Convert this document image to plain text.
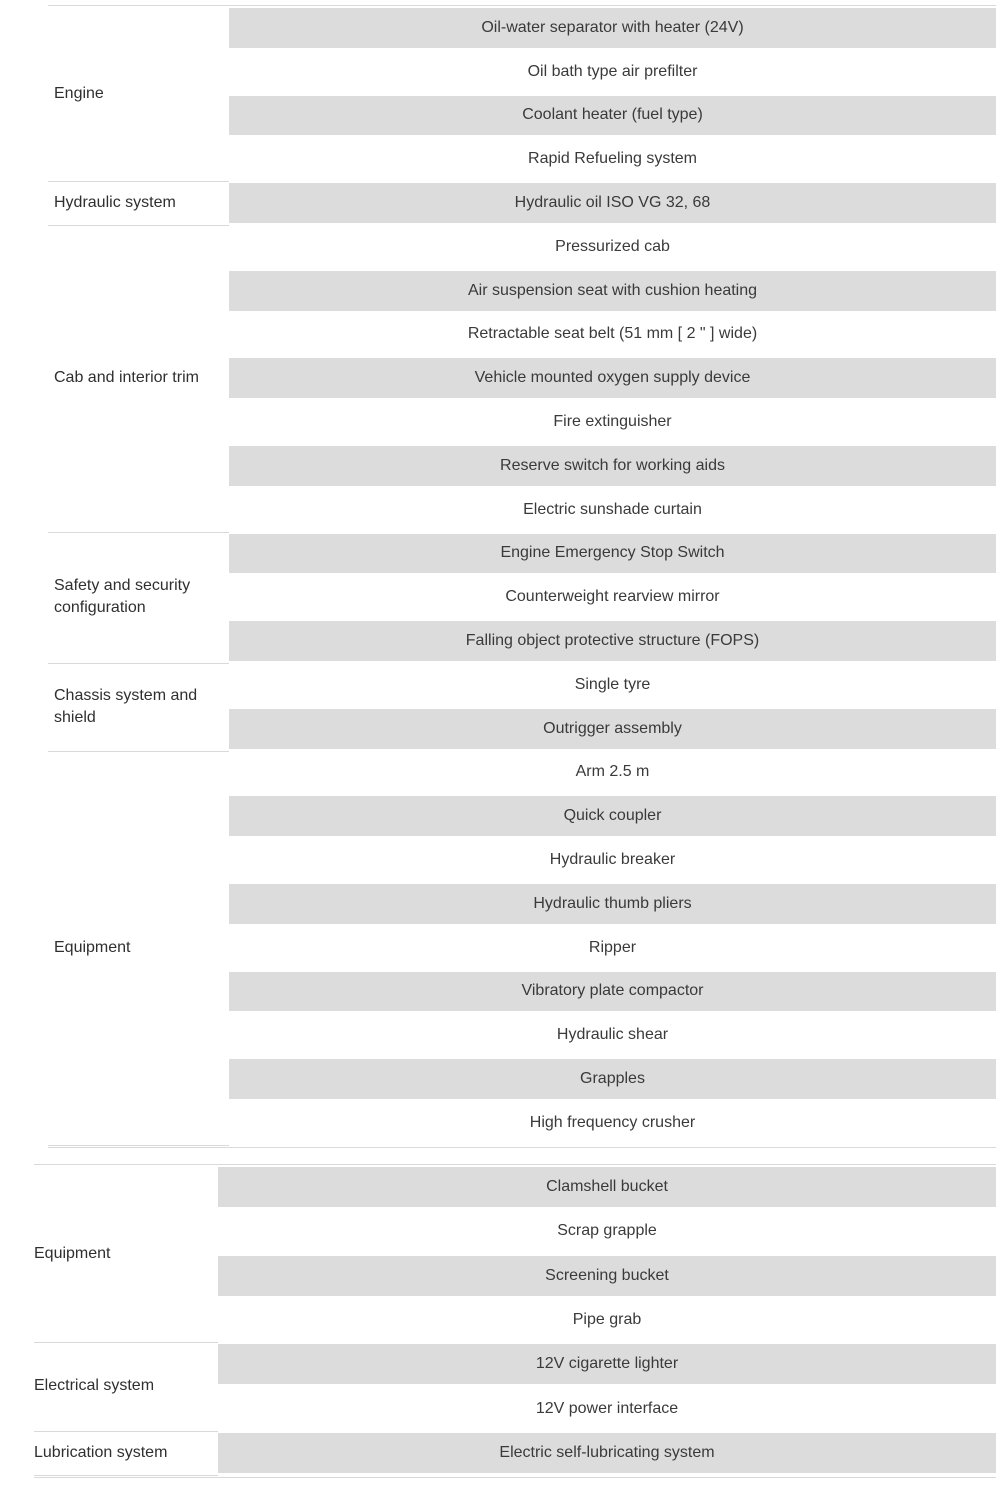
Oil-water separator with heater (24V)
Oil bath type air prefilter
Coolant heater (fuel type)
Rapid Refueling system
Engine
Hydraulic oil ISO VG 32, 68
Hydraulic system
Pressurized cab
Air suspension seat with cushion heating
Retractable seat belt (51 mm [ 2 " ] wide)
Vehicle mounted oxygen supply device
Fire extinguisher
Reserve switch for working aids
Electric sunshade curtain
Cab and interior trim
Engine Emergency Stop Switch
Counterweight rearview mirror
Falling object protective structure (FOPS)
Safety and security configuration
Single tyre
Outrigger assembly
Chassis system and shield
Arm 2.5 m
Quick coupler
Hydraulic breaker
Hydraulic thumb pliers
Ripper
Vibratory plate compactor
Hydraulic shear
Grapples
High frequency crusher
Equipment
Clamshell bucket
Scrap grapple
Screening bucket
Pipe grab
Equipment
12V cigarette lighter
12V power interface
Electrical system
Electric self-lubricating system
Lubrication system
